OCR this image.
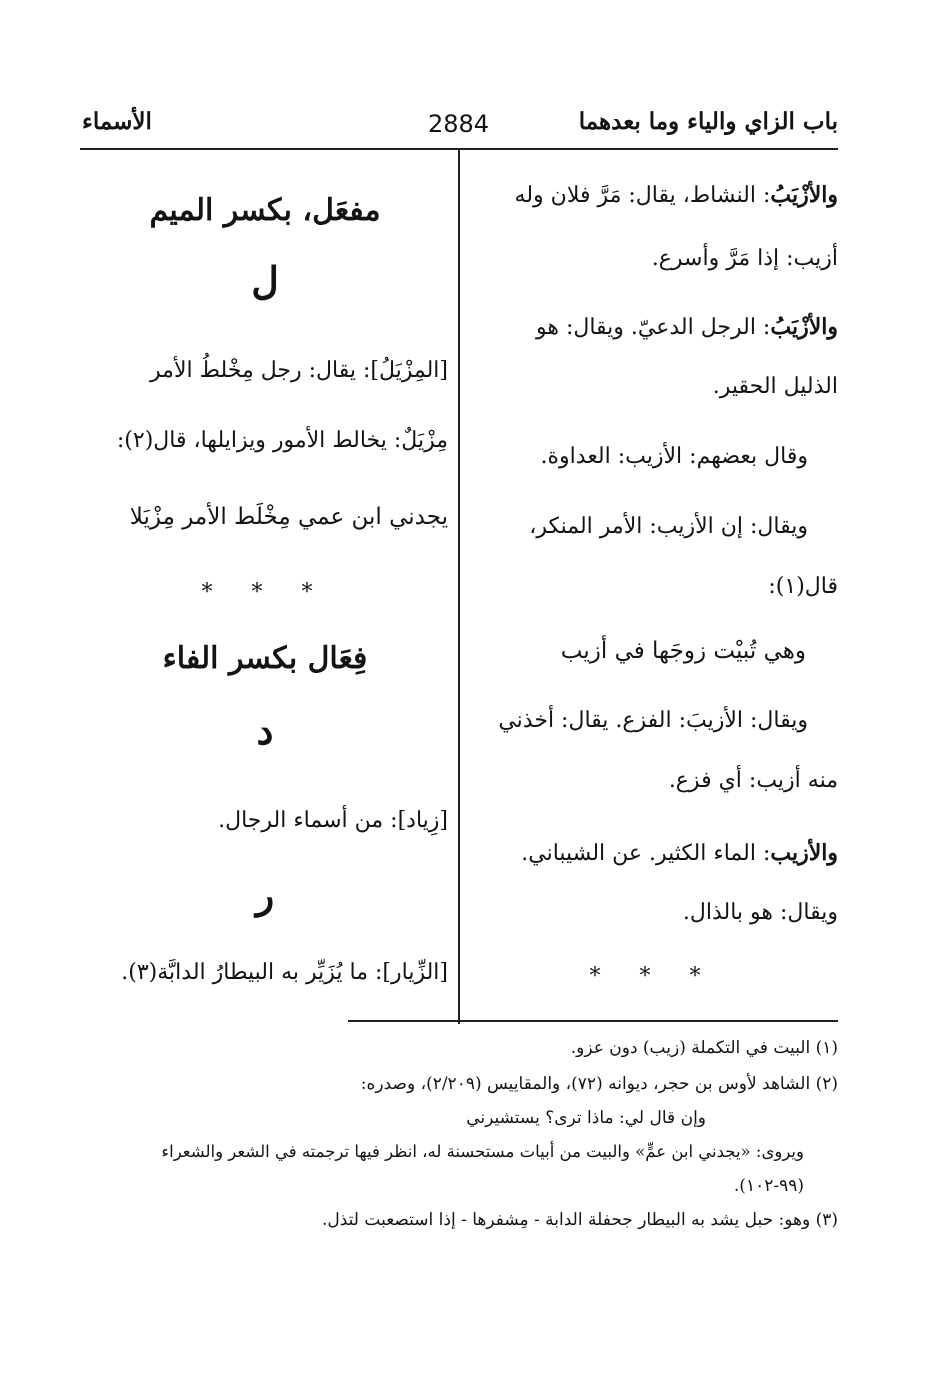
باب الزاي والياء وما بعدهما
2884
الأسماء

والأزْيَبُ: النشاط، يقال: مَرَّ فلان وله

أزيب: إذا مَرَّ وأسرع.

والأزْيَبُ: الرجل الدعيّ. ويقال: هو

الذليل الحقير.

وقال بعضهم: الأزيب: العداوة.

ويقال: إن الأزيب: الأمر المنكر،

قال(١):

وهي تُبيْت زوجَها في أزيب

ويقال: الأزيبَ: الفزع. يقال: أخذني

منه أزيب: أي فزع.

والأزيب: الماء الكثير. عن الشيباني.

ويقال: هو بالذال.

* * *

مفعَل، بكسر الميم

ل

[المِزْيَلُ]: يقال: رجل مِخْلطُ الأمر

مِزْيَلٌ: يخالط الأمور ويزايلها، قال(٢):

يجدني ابن عمي مِخْلَط الأمر مِزْيَلا

* * *

فِعَال بكسر الفاء

د

[زِياد]: من أسماء الرجال.

ر

[الزِّيار]: ما يُزَيِّر به البيطارُ الدابَّة(٣).

(١) البيت في التكملة (زيب) دون عزو.
(٢) الشاهد لأوس بن حجر، ديوانه (٧٢)، والمقاييس (٢/٢٠٩)، وصدره:
وإن قال لي: ماذا ترى؟ يستشيرني
ويروى: «يجدني ابن عمٍّ» والبيت من أبيات مستحسنة له، انظر فيها ترجمته في الشعر والشعراء
(٩٩-١٠٢).
(٣) وهو: حبل يشد به البيطار جحفلة الدابة - مِشفرها - إذا استصعبت لتذل.
